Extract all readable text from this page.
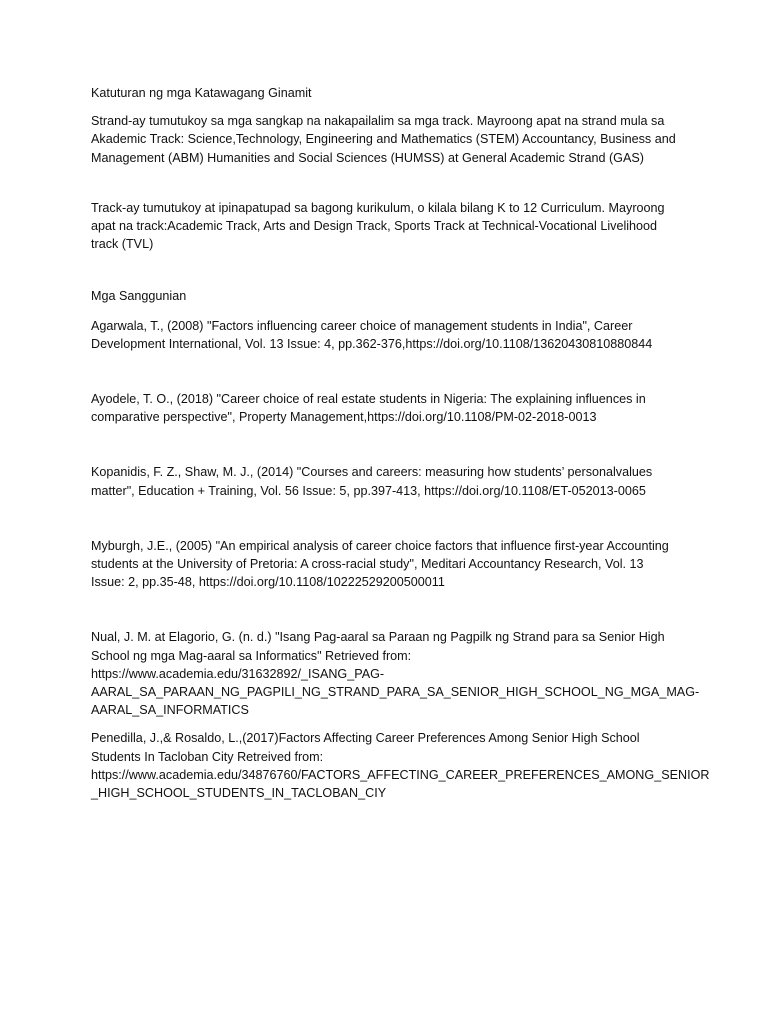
Katuturan ng mga Katawagang Ginamit

Strand-ay tumutukoy sa mga sangkap na nakapailalim sa mga track. Mayroong apat na strand mula sa
Akademic Track: Science,Technology, Engineering and Mathematics (STEM) Accountancy, Business and
Management (ABM) Humanities and Social Sciences (HUMSS) at General Academic Strand (GAS)

Track-ay tumutukoy at ipinapatupad sa bagong kurikulum, o kilala bilang K to 12 Curriculum. Mayroong
apat na track:Academic Track, Arts and Design Track, Sports Track at Technical-Vocational Livelihood
track (TVL)

Mga Sanggunian

Agarwala, T., (2008) "Factors influencing career choice of management students in India", Career
Development International, Vol. 13 Issue: 4, pp.362-376,https://doi.org/10.1108/13620430810880844

Ayodele, T. O., (2018) "Career choice of real estate students in Nigeria: The explaining influences in
comparative perspective", Property Management,https://doi.org/10.1108/PM-02-2018-0013

Kopanidis, F. Z., Shaw, M. J., (2014) "Courses and careers: measuring how students’ personalvalues
matter", Education + Training, Vol. 56 Issue: 5, pp.397-413, https://doi.org/10.1108/ET-052013-0065

Myburgh, J.E., (2005) "An empirical analysis of career choice factors that influence first-year Accounting
students at the University of Pretoria: A cross-racial study", Meditari Accountancy Research, Vol. 13
Issue: 2, pp.35-48, https://doi.org/10.1108/10222529200500011

Nual, J. M. at Elagorio, G. (n. d.) "Isang Pag-aaral sa Paraan ng Pagpilk ng Strand para sa Senior High
School ng mga Mag-aaral sa Informatics" Retrieved from:
https://www.academia.edu/31632892/_ISANG_PAG-
AARAL_SA_PARAAN_NG_PAGPILI_NG_STRAND_PARA_SA_SENIOR_HIGH_SCHOOL_NG_MGA_MAG-
AARAL_SA_INFORMATICS

Penedilla, J.,& Rosaldo, L.,(2017)Factors Affecting Career Preferences Among Senior High School
Students In Tacloban City Retreived from:
https://www.academia.edu/34876760/FACTORS_AFFECTING_CAREER_PREFERENCES_AMONG_SENIOR
_HIGH_SCHOOL_STUDENTS_IN_TACLOBAN_CIY
